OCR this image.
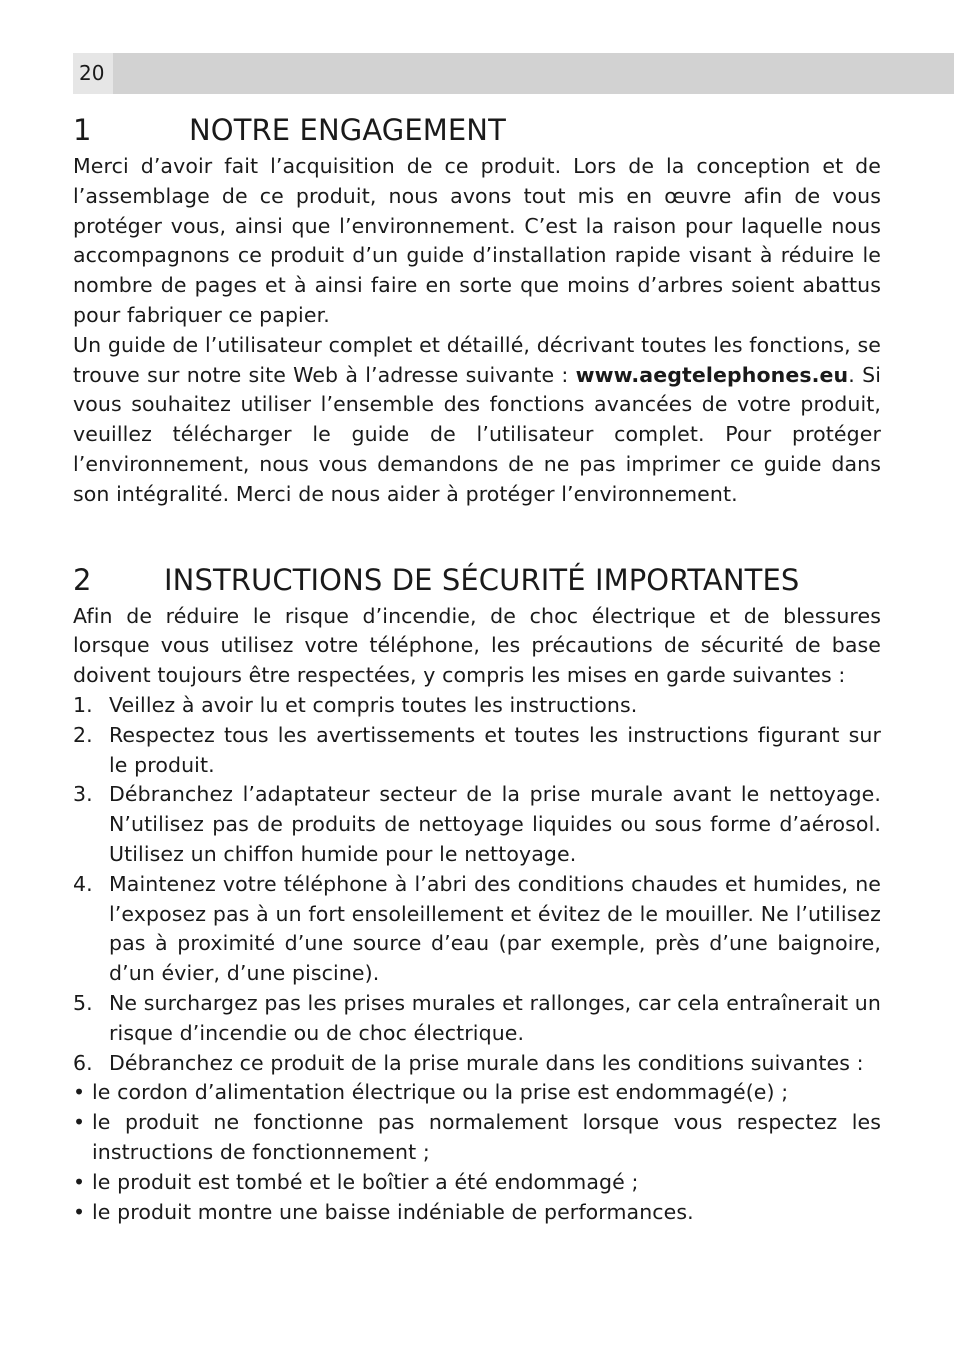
20
1	NOTRE ENGAGEMENT

Merci d’avoir fait l’acquisition de ce produit. Lors de la conception et de l’assemblage de ce produit, nous avons tout mis en œuvre afin de vous protéger vous, ainsi que l’environnement. C’est la raison pour laquelle nous accompagnons ce produit d’un guide d’installation rapide visant à réduire le nombre de pages et à ainsi faire en sorte que moins d’arbres soient abattus pour fabriquer ce papier.

Un guide de l’utilisateur complet et détaillé, décrivant toutes les fonctions, se trouve sur notre site Web à l’adresse suivante : www.aegtelephones.eu. Si vous souhaitez utiliser l’ensemble des fonctions avancées de votre produit, veuillez télécharger le guide de l’utilisateur complet. Pour protéger l’environnement, nous vous demandons de ne pas imprimer ce guide dans son intégralité. Merci de nous aider à protéger l’environnement.

2	INSTRUCTIONS DE SÉCURITÉ IMPORTANTES

Afin de réduire le risque d’incendie, de choc électrique et de blessures lorsque vous utilisez votre téléphone, les précautions de sécurité de base doivent toujours être respectées, y compris les mises en garde suivantes :

1. Veillez à avoir lu et compris toutes les instructions.
2. Respectez tous les avertissements et toutes les instructions figurant sur le produit.
3. Débranchez l’adaptateur secteur de la prise murale avant le nettoyage. N’utilisez pas de produits de nettoyage liquides ou sous forme d’aérosol. Utilisez un chiffon humide pour le nettoyage.
4. Maintenez votre téléphone à l’abri des conditions chaudes et humides, ne l’exposez pas à un fort ensoleillement et évitez de le mouiller. Ne l’utilisez pas à proximité d’une source d’eau (par exemple, près d’une baignoire, d’un évier, d’une piscine).
5. Ne surchargez pas les prises murales et rallonges, car cela entraînerait un risque d’incendie ou de choc électrique.
6. Débranchez ce produit de la prise murale dans les conditions suivantes :
• le cordon d’alimentation électrique ou la prise est endommagé(e) ;
• le produit ne fonctionne pas normalement lorsque vous respectez les instructions de fonctionnement ;
• le produit est tombé et le boîtier a été endommagé ;
• le produit montre une baisse indéniable de performances.
